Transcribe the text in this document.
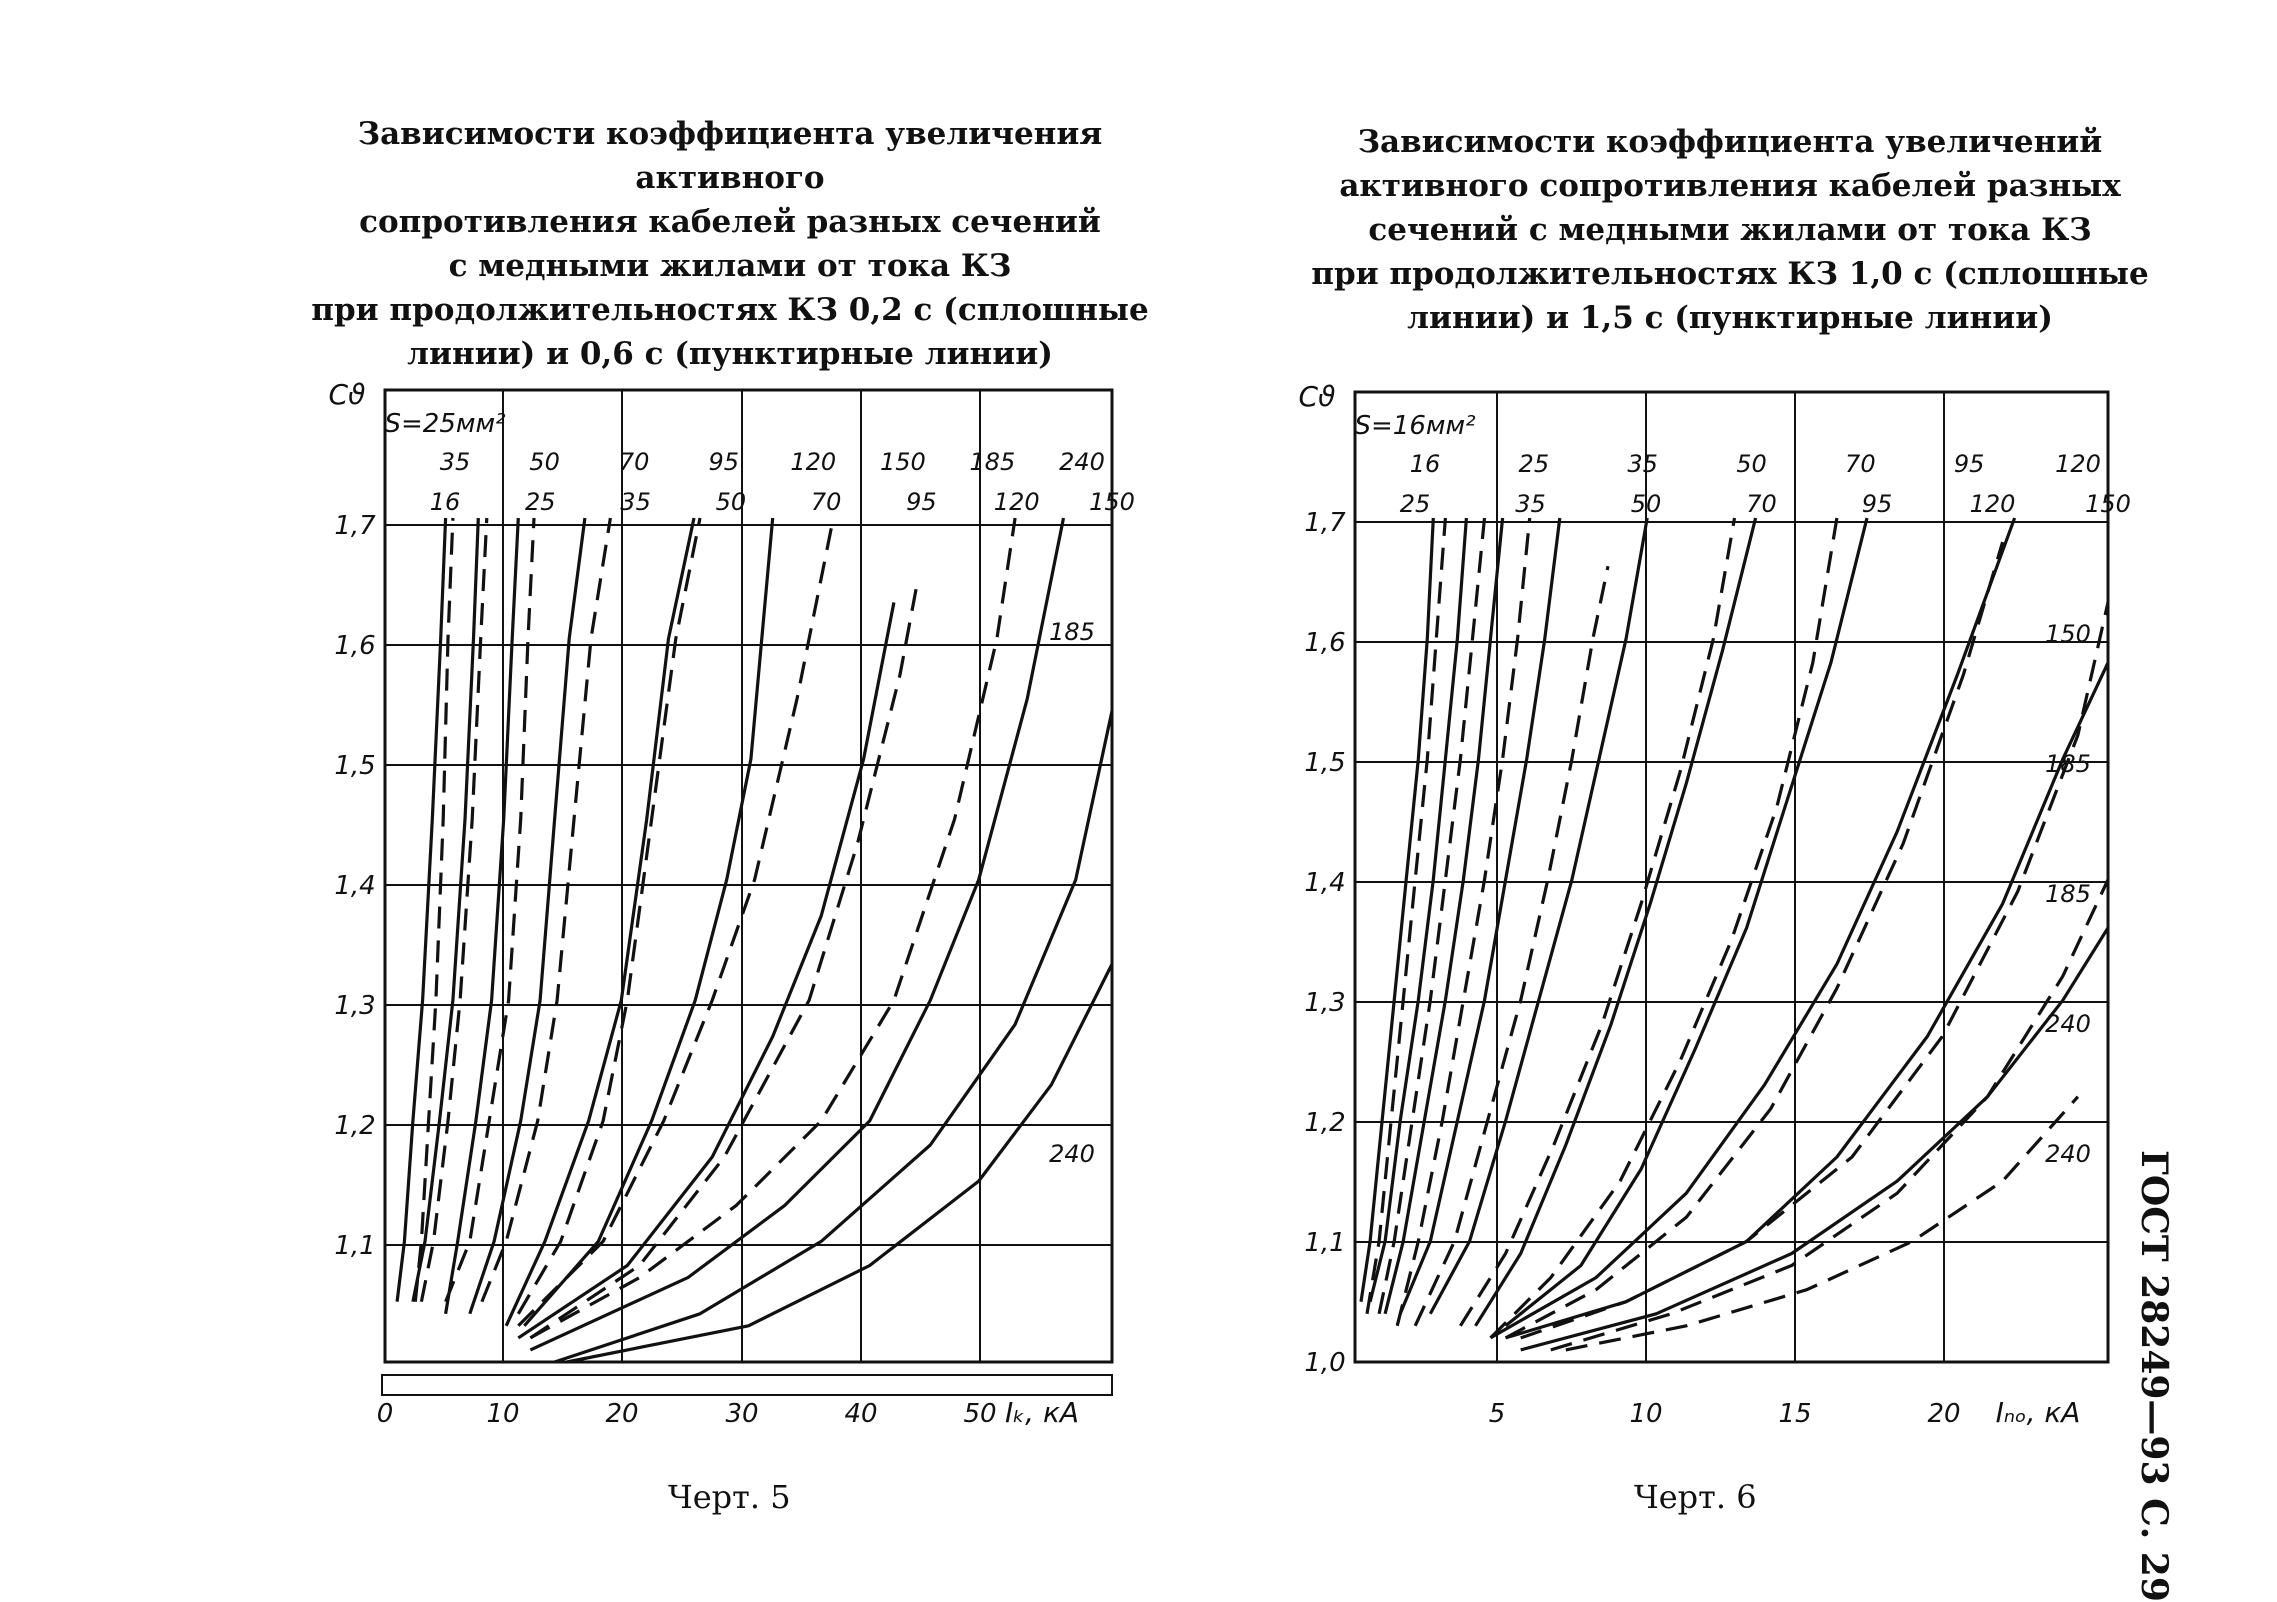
Зависимости коэффициента увеличения активного
сопротивления кабелей разных сечений
с медными жилами от тока КЗ
при продолжительностях КЗ 0,2 с (сплошные
линии) и 0,6 с (пунктирные линии)
Зависимости коэффициента увеличений
активного сопротивления кабелей разных
сечений с медными жилами от тока КЗ
при продолжительностях КЗ 1,0 с (сплошные
линии) и 1,5 с (пунктирные линии)
0	10	20	30	40	50
1,1
1,2
1,3
1,4
1,5
1,6
1,7
Cϑ
Iₖ, кА
S=25мм²
35 50 70 95 120 150 185 240
16	25	35	50	70	95 120 150
185
240
5	10	15	20
1,0
1,1
1,2
1,3
1,4
1,5
1,6
1,7
Cϑ
Iₙₒ, кА
S=16мм²
16	25	35	50	70	95	120
25	35	50	70	95	120	150
150
185
185
240
240
Черт. 5	Черт. 6	ГОСТ 28249—93 С. 29
